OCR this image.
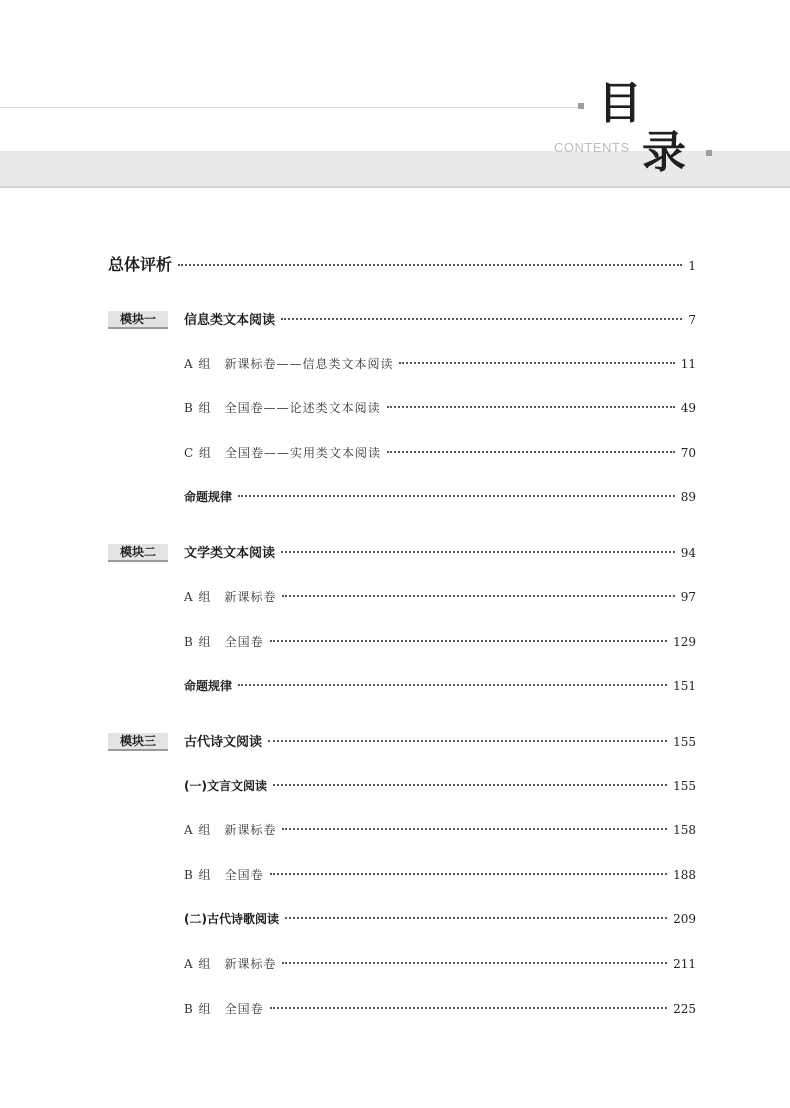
目
录
CONTENTS
总体评析	1
模块一	信息类文本阅读	7
A 组　新课标卷——信息类文本阅读	11
B 组　全国卷——论述类文本阅读	49
C 组　全国卷——实用类文本阅读	70
命题规律	89
模块二	文学类文本阅读	94
A 组　新课标卷	97
B 组　全国卷	129
命题规律	151
模块三	古代诗文阅读	155
(一)文言文阅读	155
A 组　新课标卷	158
B 组　全国卷	188
(二)古代诗歌阅读	209
A 组　新课标卷	211
B 组　全国卷	225
